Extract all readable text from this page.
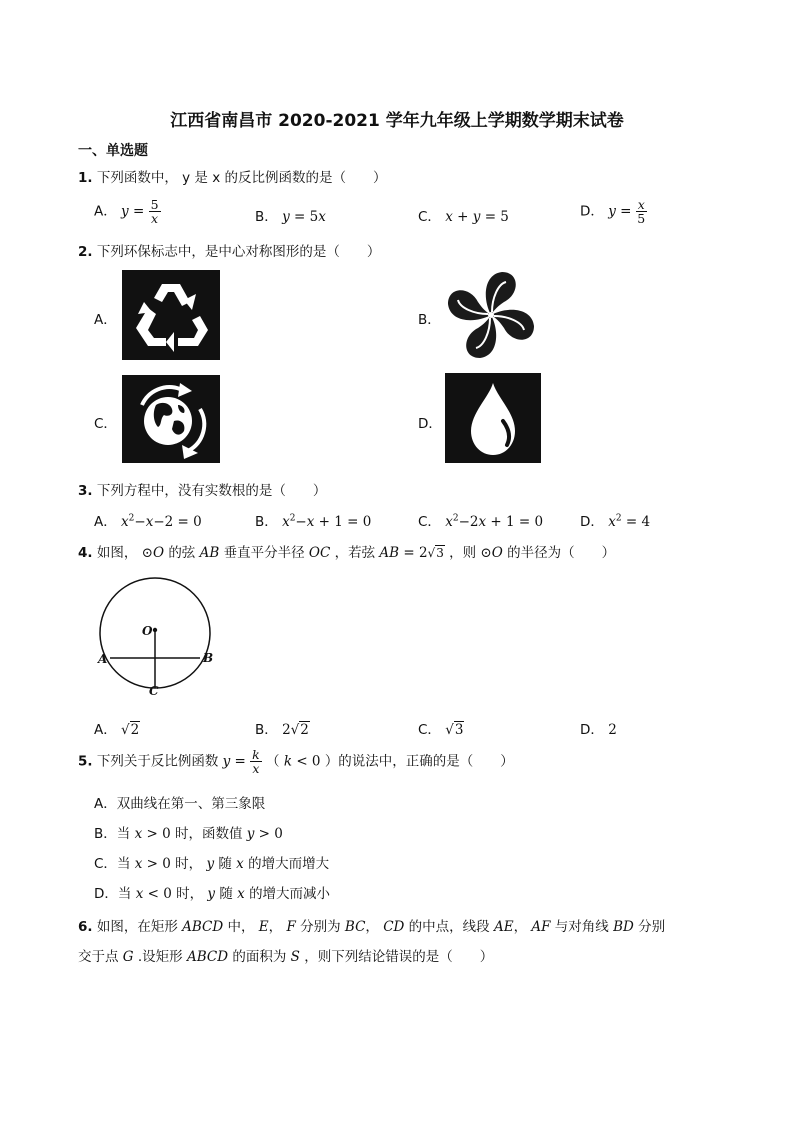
江西省南昌市 2020-2021 学年九年级上学期数学期末试卷
一、单选题
1. 下列函数中， y 是 x 的反比例函数的是（　　）
A． $y = \frac{5}{x}$	B． y = 5x	C． x + y = 5	D． $y = \frac{x}{5}$
2. 下列环保标志中，是中心对称图形的是（　　）
A．	B．
C．	D．
3. 下列方程中，没有实数根的是（　　）
A． $x^2-x-2 = 0$	B． $x^2-x + 1 = 0$	C． $x^2-2x + 1 = 0$	D． $x^2 = 4$
4. 如图， ⊙O 的弦 AB 垂直平分半径 OC ，若弦 AB = 2√3 ，则 ⊙O 的半径为（　　）
O
A	B
C
A． √2	B． 2√2	C． √3	D． 2
5. 下列关于反比例函数 $y = \frac{k}{x}$ （ k < 0 ）的说法中，正确的是（　　）
A．双曲线在第一、第三象限
B．当 x > 0 时，函数值 y > 0
C．当 x > 0 时， y 随 x 的增大而增大
D．当 x < 0 时， y 随 x 的增大而减小
6. 如图，在矩形 ABCD 中， E， F 分别为 BC， CD 的中点，线段 AE， AF 与对角线 BD 分别
交于点 G .设矩形 ABCD 的面积为 S ，则下列结论错误的是（　　）
